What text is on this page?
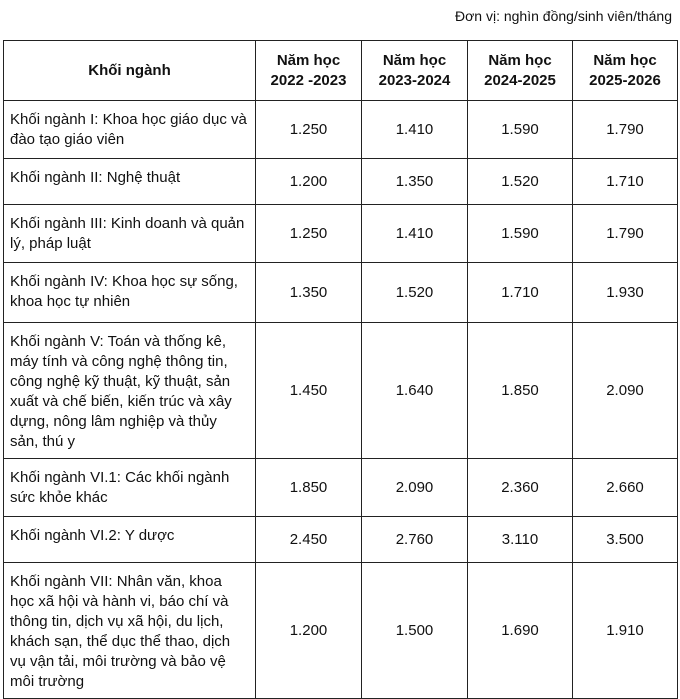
Đơn vị: nghìn đồng/sinh viên/tháng
Khối ngành	Năm học 2022 -2023	Năm học 2023-2024	Năm học 2024-2025	Năm học 2025-2026
Khối ngành I: Khoa học giáo dục và đào tạo giáo viên	1.250	1.410	1.590	1.790
Khối ngành II: Nghệ thuật	1.200	1.350	1.520	1.710
Khối ngành III: Kinh doanh và quản lý, pháp luật	1.250	1.410	1.590	1.790
Khối ngành IV: Khoa học sự sống, khoa học tự nhiên	1.350	1.520	1.710	1.930
Khối ngành V: Toán và thống kê, máy tính và công nghệ thông tin, công nghệ kỹ thuật, kỹ thuật, sản xuất và chế biến, kiến trúc và xây dựng, nông lâm nghiệp và thủy sản, thú y	1.450	1.640	1.850	2.090
Khối ngành VI.1: Các khối ngành sức khỏe khác	1.850	2.090	2.360	2.660
Khối ngành VI.2: Y dược	2.450	2.760	3.110	3.500
Khối ngành VII: Nhân văn, khoa học xã hội và hành vi, báo chí và thông tin, dịch vụ xã hội, du lịch, khách sạn, thể dục thể thao, dịch vụ vận tải, môi trường và bảo vệ môi trường	1.200	1.500	1.690	1.910
